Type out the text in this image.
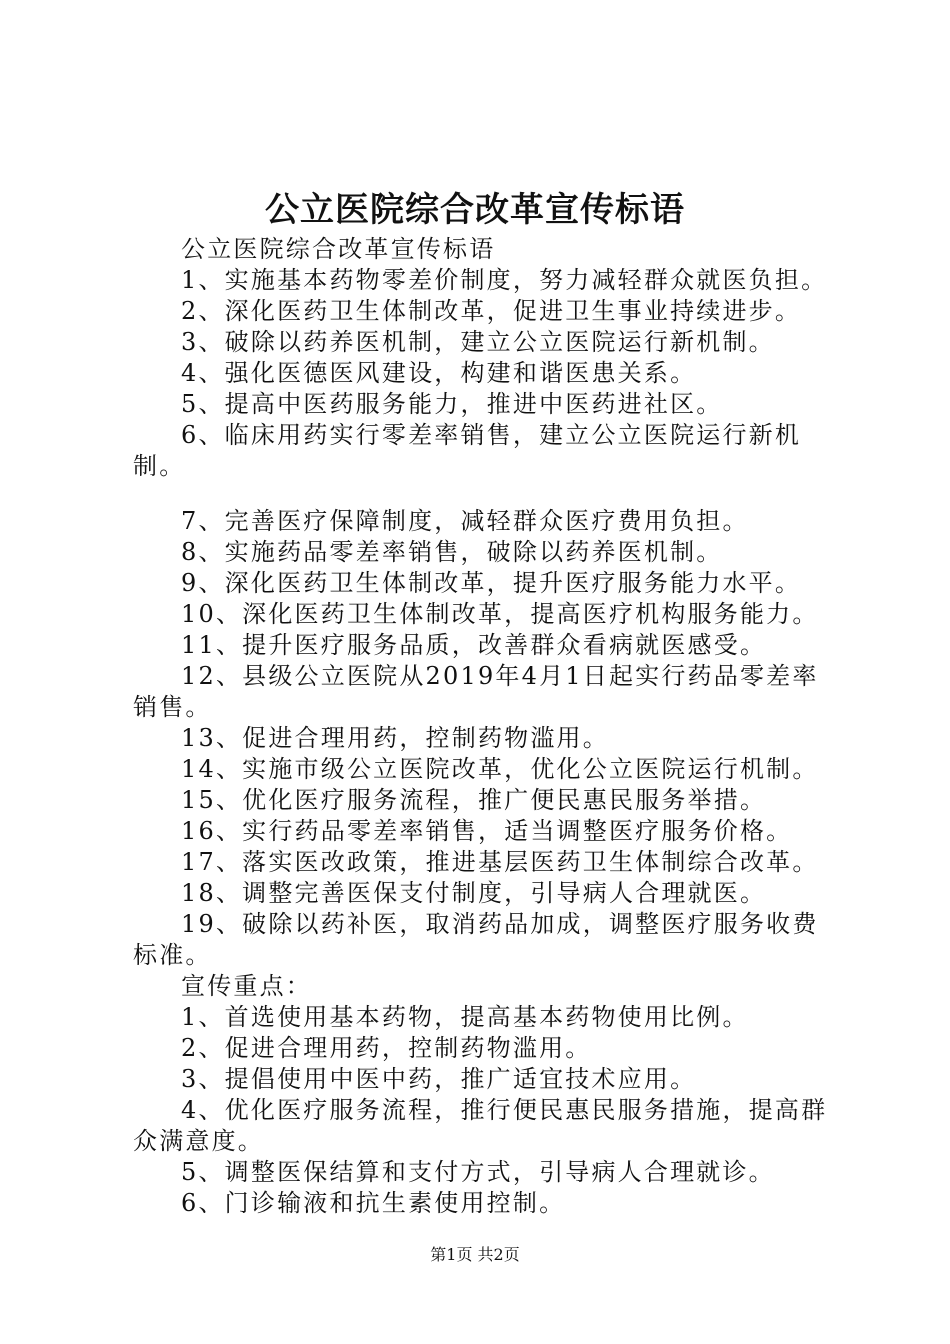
公立医院综合改革宣传标语

公立医院综合改革宣传标语

1、实施基本药物零差价制度，努力减轻群众就医负担。

2、深化医药卫生体制改革，促进卫生事业持续进步。

3、破除以药养医机制，建立公立医院运行新机制。

4、强化医德医风建设，构建和谐医患关系。

5、提高中医药服务能力，推进中医药进社区。

6、临床用药实行零差率销售，建立公立医院运行新机制。

7、完善医疗保障制度，减轻群众医疗费用负担。

8、实施药品零差率销售，破除以药养医机制。

9、深化医药卫生体制改革，提升医疗服务能力水平。

10、深化医药卫生体制改革，提高医疗机构服务能力。

11、提升医疗服务品质，改善群众看病就医感受。

12、县级公立医院从2019年4月1日起实行药品零差率销售。

13、促进合理用药，控制药物滥用。

14、实施市级公立医院改革，优化公立医院运行机制。

15、优化医疗服务流程，推广便民惠民服务举措。

16、实行药品零差率销售，适当调整医疗服务价格。

17、落实医改政策，推进基层医药卫生体制综合改革。

18、调整完善医保支付制度，引导病人合理就医。

19、破除以药补医，取消药品加成，调整医疗服务收费标准。

宣传重点：

1、首选使用基本药物，提高基本药物使用比例。

2、促进合理用药，控制药物滥用。

3、提倡使用中医中药，推广适宜技术应用。

4、优化医疗服务流程，推行便民惠民服务措施，提高群众满意度。

5、调整医保结算和支付方式，引导病人合理就诊。

6、门诊输液和抗生素使用控制。

第1页 共2页
